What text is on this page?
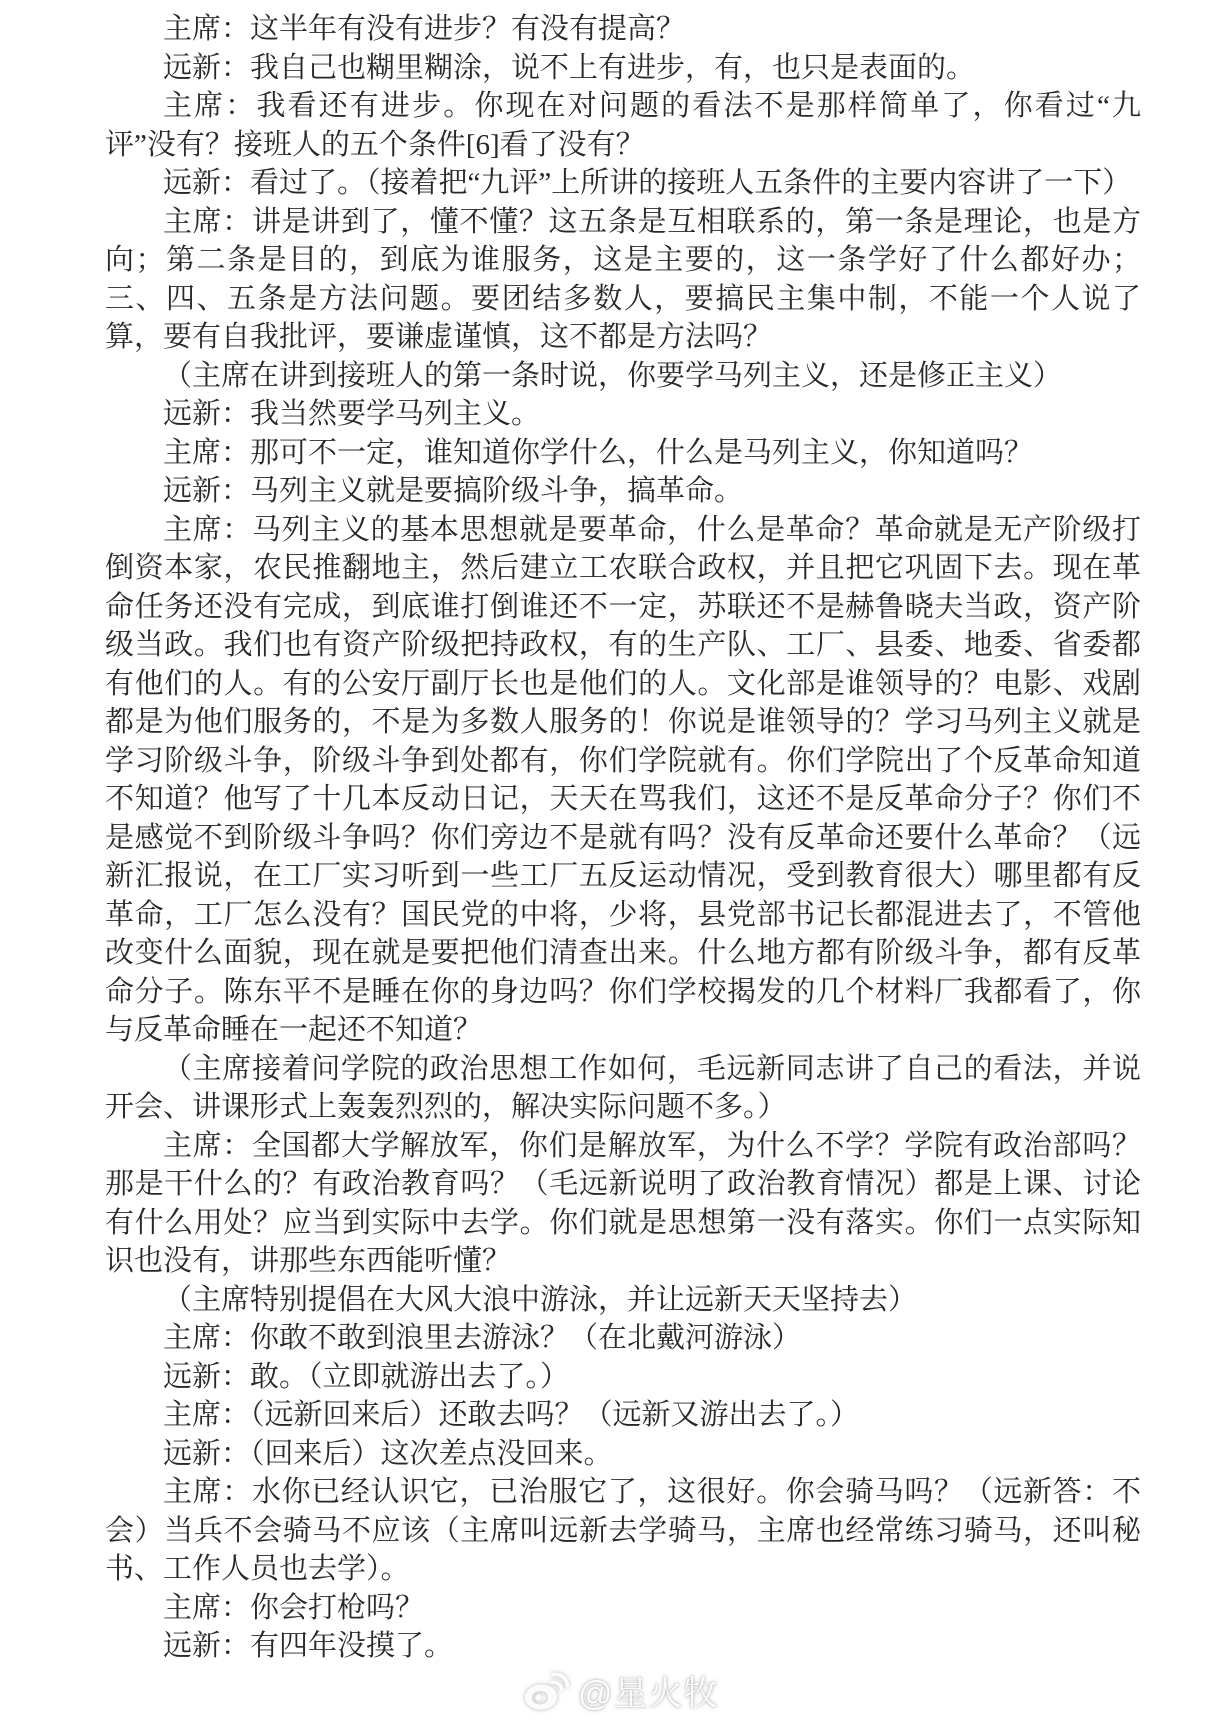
主席：这半年有没有进步？有没有提高？

远新：我自己也糊里糊涂，说不上有进步，有，也只是表面的。

主席：我看还有进步。你现在对问题的看法不是那样简单了，你看过“九评”没有？接班人的五个条件[6]看了没有？

远新：看过了。（接着把“九评”上所讲的接班人五条件的主要内容讲了一下）

主席：讲是讲到了，懂不懂？这五条是互相联系的，第一条是理论，也是方向；第二条是目的，到底为谁服务，这是主要的，这一条学好了什么都好办；三、四、五条是方法问题。要团结多数人，要搞民主集中制，不能一个人说了算，要有自我批评，要谦虚谨慎，这不都是方法吗？

（主席在讲到接班人的第一条时说，你要学马列主义，还是修正主义）

远新：我当然要学马列主义。

主席：那可不一定，谁知道你学什么，什么是马列主义，你知道吗？

远新：马列主义就是要搞阶级斗争，搞革命。

主席：马列主义的基本思想就是要革命，什么是革命？革命就是无产阶级打倒资本家，农民推翻地主，然后建立工农联合政权，并且把它巩固下去。现在革命任务还没有完成，到底谁打倒谁还不一定，苏联还不是赫鲁晓夫当政，资产阶级当政。我们也有资产阶级把持政权，有的生产队、工厂、县委、地委、省委都有他们的人。有的公安厅副厅长也是他们的人。文化部是谁领导的？电影、戏剧都是为他们服务的，不是为多数人服务的！你说是谁领导的？学习马列主义就是学习阶级斗争，阶级斗争到处都有，你们学院就有。你们学院出了个反革命知道不知道？他写了十几本反动日记，天天在骂我们，这还不是反革命分子？你们不是感觉不到阶级斗争吗？你们旁边不是就有吗？没有反革命还要什么革命？（远新汇报说，在工厂实习听到一些工厂五反运动情况，受到教育很大）哪里都有反革命，工厂怎么没有？国民党的中将，少将，县党部书记长都混进去了，不管他改变什么面貌，现在就是要把他们清查出来。什么地方都有阶级斗争，都有反革命分子。陈东平不是睡在你的身边吗？你们学校揭发的几个材料厂我都看了，你与反革命睡在一起还不知道？

（主席接着问学院的政治思想工作如何，毛远新同志讲了自己的看法，并说开会、讲课形式上轰轰烈烈的，解决实际问题不多。）

主席：全国都大学解放军，你们是解放军，为什么不学？学院有政治部吗？那是干什么的？有政治教育吗？（毛远新说明了政治教育情况）都是上课、讨论有什么用处？应当到实际中去学。你们就是思想第一没有落实。你们一点实际知识也没有，讲那些东西能听懂？

（主席特别提倡在大风大浪中游泳，并让远新天天坚持去）

主席：你敢不敢到浪里去游泳？（在北戴河游泳）

远新：敢。（立即就游出去了。）

主席：（远新回来后）还敢去吗？（远新又游出去了。）

远新：（回来后）这次差点没回来。

主席：水你已经认识它，已治服它了，这很好。你会骑马吗？（远新答：不会）当兵不会骑马不应该（主席叫远新去学骑马，主席也经常练习骑马，还叫秘书、工作人员也去学）。

主席：你会打枪吗？

远新：有四年没摸了。

@星火牧
